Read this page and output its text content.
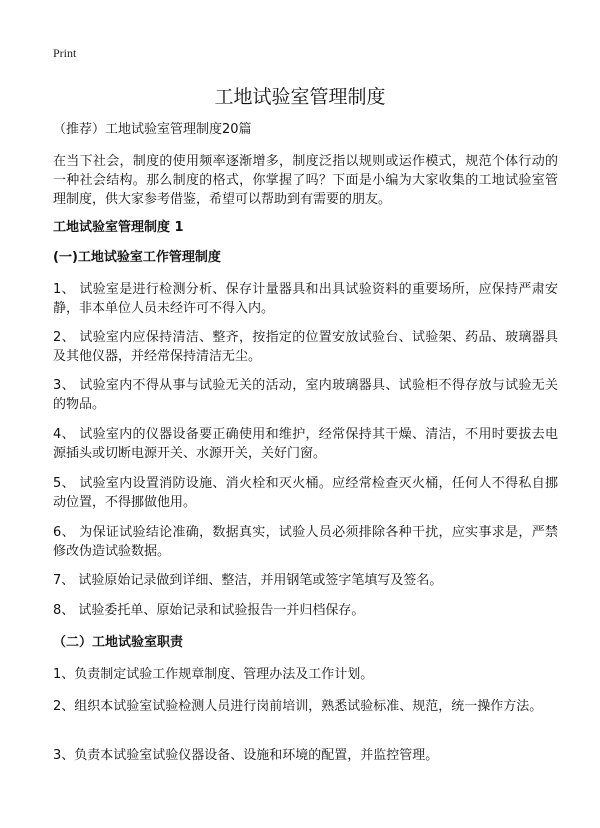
Print
工地试验室管理制度

（推荐）工地试验室管理制度20篇

在当下社会，制度的使用频率逐渐增多，制度泛指以规则或运作模式，规范个体行动的一种社会结构。那么制度的格式，你掌握了吗？下面是小编为大家收集的工地试验室管理制度，供大家参考借鉴，希望可以帮助到有需要的朋友。

工地试验室管理制度 1

(一)工地试验室工作管理制度

1、 试验室是进行检测分析、保存计量器具和出具试验资料的重要场所，应保持严肃安静，非本单位人员未经许可不得入内。

2、 试验室内应保持清洁、整齐，按指定的位置安放试验台、试验架、药品、玻璃器具及其他仪器，并经常保持清洁无尘。

3、 试验室内不得从事与试验无关的活动，室内玻璃器具、试验柜不得存放与试验无关的物品。

4、 试验室内的仪器设备要正确使用和维护，经常保持其干燥、清洁，不用时要拔去电源插头或切断电源开关、水源开关，关好门窗。

5、 试验室内设置消防设施、消火栓和灭火桶。应经常检查灭火桶，任何人不得私自挪动位置，不得挪做他用。

6、 为保证试验结论准确，数据真实，试验人员必须排除各种干扰，应实事求是，严禁修改伪造试验数据。

7、 试验原始记录做到详细、整洁，并用钢笔或签字笔填写及签名。

8、 试验委托单、原始记录和试验报告一并归档保存。

（二）工地试验室职责

1、负责制定试验工作规章制度、管理办法及工作计划。

2、组织本试验室试验检测人员进行岗前培训，熟悉试验标准、规范，统一操作方法。

3、负责本试验室试验仪器设备、设施和环境的配置，并监控管理。
